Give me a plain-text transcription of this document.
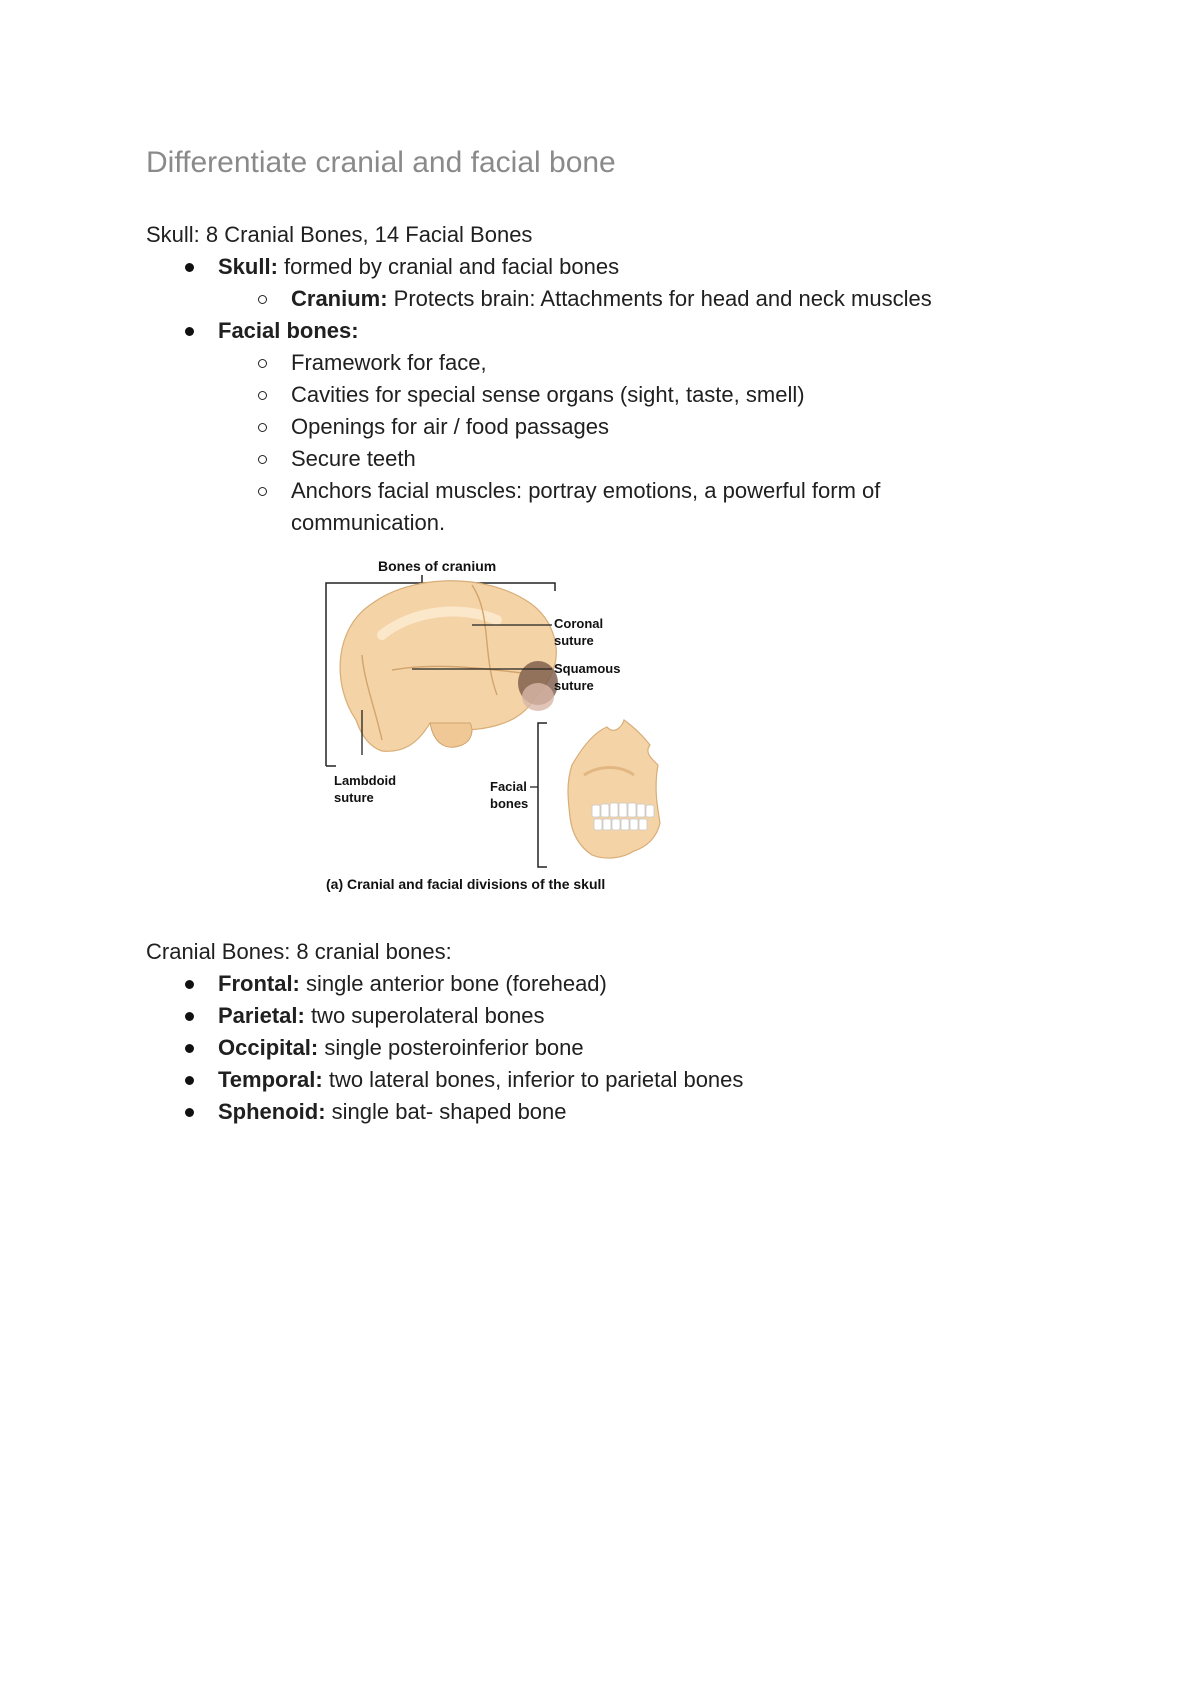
Differentiate cranial and facial bone
Skull: 8 Cranial Bones, 14 Facial Bones
Skull: formed by cranial and facial bones
Cranium: Protects brain: Attachments for head and neck muscles
Facial bones:
Framework for face,
Cavities for special sense organs (sight, taste, smell)
Openings for air / food passages
Secure teeth
Anchors facial muscles: portray emotions, a powerful form of
communication.
Bones of cranium
Coronal
suture
Squamous
suture
Lambdoid
suture
Facial
bones
(a) Cranial and facial divisions of the skull
Cranial Bones: 8 cranial bones:
Frontal: single anterior bone (forehead)
Parietal: two superolateral bones
Occipital: single posteroinferior bone
Temporal: two lateral bones, inferior to parietal bones
Sphenoid: single bat- shaped bone
